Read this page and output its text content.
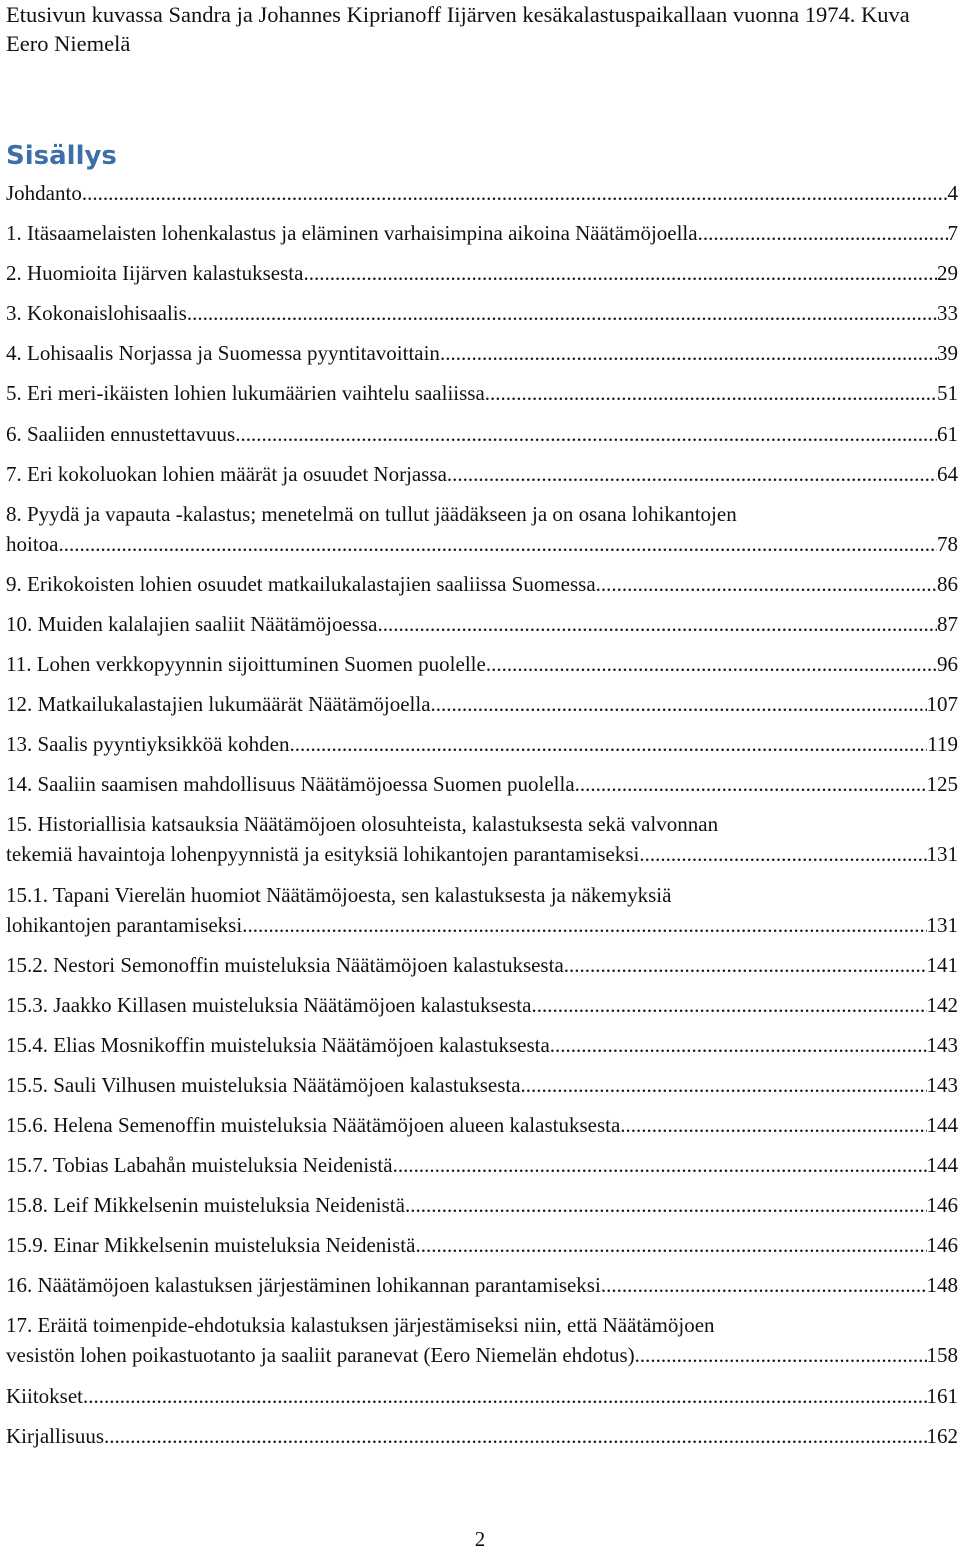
Etusivun kuvassa Sandra ja Johannes Kiprianoff Iijärven kesäkalastuspaikallaan vuonna 1974. Kuva Eero Niemelä
Sisällys
Johdanto .....	4
1. Itäsaamelaisten lohenkalastus ja eläminen varhaisimpina aikoina Näätämöjoella .....	7
2. Huomioita Iijärven kalastuksesta .....	29
3. Kokonaislohisaalis .....	33
4. Lohisaalis Norjassa ja Suomessa pyyntitavoittain .....	39
5. Eri meri-ikäisten lohien lukumäärien vaihtelu saaliissa .....	51
6. Saaliiden ennustettavuus .....	61
7. Eri kokoluokan lohien määrät ja osuudet Norjassa .....	64
8. Pyydä ja vapauta -kalastus; menetelmä on tullut jäädäkseen ja on osana lohikantojen
hoitoa .....	78
9. Erikokoisten lohien osuudet matkailukalastajien saaliissa Suomessa .....	86
10. Muiden kalalajien saaliit Näätämöjoessa .....	87
11. Lohen verkkopyynnin sijoittuminen Suomen puolelle .....	96
12. Matkailukalastajien lukumäärät Näätämöjoella .....	107
13. Saalis pyyntiyksikköä kohden .....	119
14. Saaliin saamisen mahdollisuus Näätämöjoessa Suomen puolella .....	125
15. Historiallisia katsauksia Näätämöjoen olosuhteista, kalastuksesta sekä valvonnan
tekemiä havaintoja lohenpyynnistä ja esityksiä lohikantojen parantamiseksi .....	131
15.1. Tapani Vierelän huomiot Näätämöjoesta, sen kalastuksesta ja näkemyksiä
lohikantojen parantamiseksi .....	131
15.2. Nestori Semonoffin muisteluksia Näätämöjoen kalastuksesta .....	141
15.3. Jaakko Killasen muisteluksia Näätämöjoen kalastuksesta .....	142
15.4. Elias Mosnikoffin muisteluksia Näätämöjoen kalastuksesta .....	143
15.5. Sauli Vilhusen muisteluksia Näätämöjoen kalastuksesta. .....	143
15.6. Helena Semenoffin muisteluksia Näätämöjoen alueen kalastuksesta. .....	144
15.7. Tobias Labahån muisteluksia Neidenistä .....	144
15.8. Leif Mikkelsenin muisteluksia Neidenistä .....	146
15.9. Einar Mikkelsenin muisteluksia Neidenistä .....	146
16. Näätämöjoen kalastuksen järjestäminen lohikannan parantamiseksi .....	148
17. Eräitä toimenpide-ehdotuksia kalastuksen järjestämiseksi niin, että Näätämöjoen
vesistön lohen poikastuotanto ja saaliit paranevat (Eero Niemelän ehdotus) .....	158
Kiitokset .....	161
Kirjallisuus .....	162
2
